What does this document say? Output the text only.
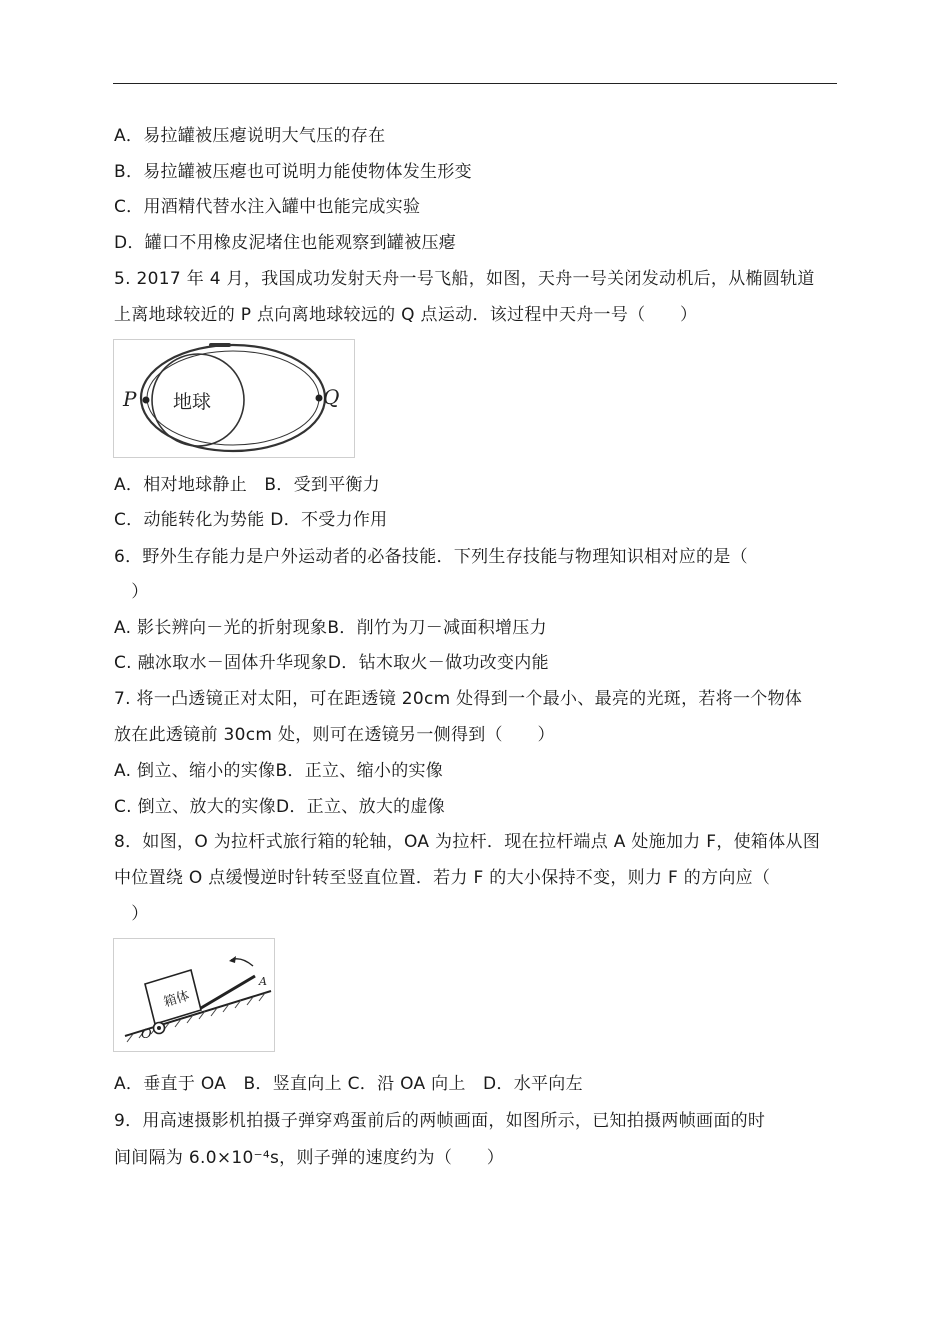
A．易拉罐被压瘪说明大气压的存在
B．易拉罐被压瘪也可说明力能使物体发生形变
C．用酒精代替水注入罐中也能完成实验
D．罐口不用橡皮泥堵住也能观察到罐被压瘪
5. 2017 年 4 月，我国成功发射天舟一号飞船，如图，天舟一号关闭发动机后，从椭圆轨道
上离地球较近的 P 点向离地球较远的 Q 点运动．该过程中天舟一号（　　）
P	Q
地球
A．相对地球静止　B．受到平衡力
C．动能转化为势能 D．不受力作用
6．野外生存能力是户外运动者的必备技能．下列生存技能与物理知识相对应的是（
　）
A. 影长辨向－光的折射现象B．削竹为刀－减面积增压力
C. 融冰取水－固体升华现象D．钻木取火－做功改变内能
7. 将一凸透镜正对太阳，可在距透镜 20cm 处得到一个最小、最亮的光斑，若将一个物体
放在此透镜前 30cm 处，则可在透镜另一侧得到（　　）
A. 倒立、缩小的实像B．正立、缩小的实像
C. 倒立、放大的实像D．正立、放大的虚像
8．如图，O 为拉杆式旅行箱的轮轴，OA 为拉杆．现在拉杆端点 A 处施加力 F，使箱体从图
中位置绕 O 点缓慢逆时针转至竖直位置．若力 F 的大小保持不变，则力 F 的方向应（
　）
箱体
O
A
A．垂直于 OA　B．竖直向上 C．沿 OA 向上　D．水平向左
9．用高速摄影机拍摄子弹穿鸡蛋前后的两帧画面，如图所示，已知拍摄两帧画面的时
间间隔为 6.0×10⁻⁴s，则子弹的速度约为（　　）
